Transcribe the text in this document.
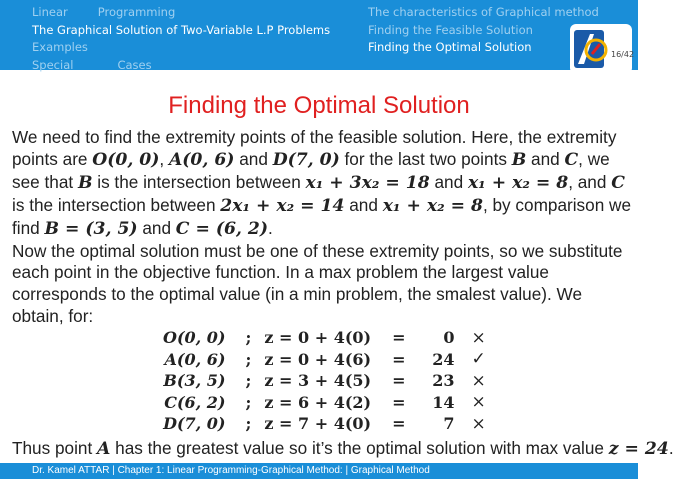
Linear	Programming
The Graphical Solution of Two-Variable L.P Problems
Examples
Special	Cases
The characteristics of Graphical method
Finding the Feasible Solution
Finding the Optimal Solution
16/42
Finding the Optimal Solution

We need to find the extremity points of the feasible solution. Here, the extremity points are O(0, 0), A(0, 6) and D(7, 0) for the last two points B and C, we see that B is the intersection between x₁ + 3x₂ = 18 and x₁ + x₂ = 8, and C is the intersection between 2x₁ + x₂ = 14 and x₁ + x₂ = 8, by comparison we find B = (3, 5) and C = (6, 2).

Now the optimal solution must be one of these extremity points, so we substitute each point in the objective function. In a max problem the largest value corresponds to the optimal value (in a min problem, the smalest value). We obtain, for:

O(0, 0)	;	z = 0 + 4(0)	=	0	×
A(0, 6)	;	z = 0 + 4(6)	=	24	✓
B(3, 5)	;	z = 3 + 4(5)	=	23	×
C(6, 2)	;	z = 6 + 4(2)	=	14	×
D(7, 0)	;	z = 7 + 4(0)	=	7	×
Thus point A has the greatest value so it’s the optimal solution with max value z = 24.
Dr. Kamel ATTAR | Chapter 1: Linear Programming-Graphical Method: | Graphical Method
